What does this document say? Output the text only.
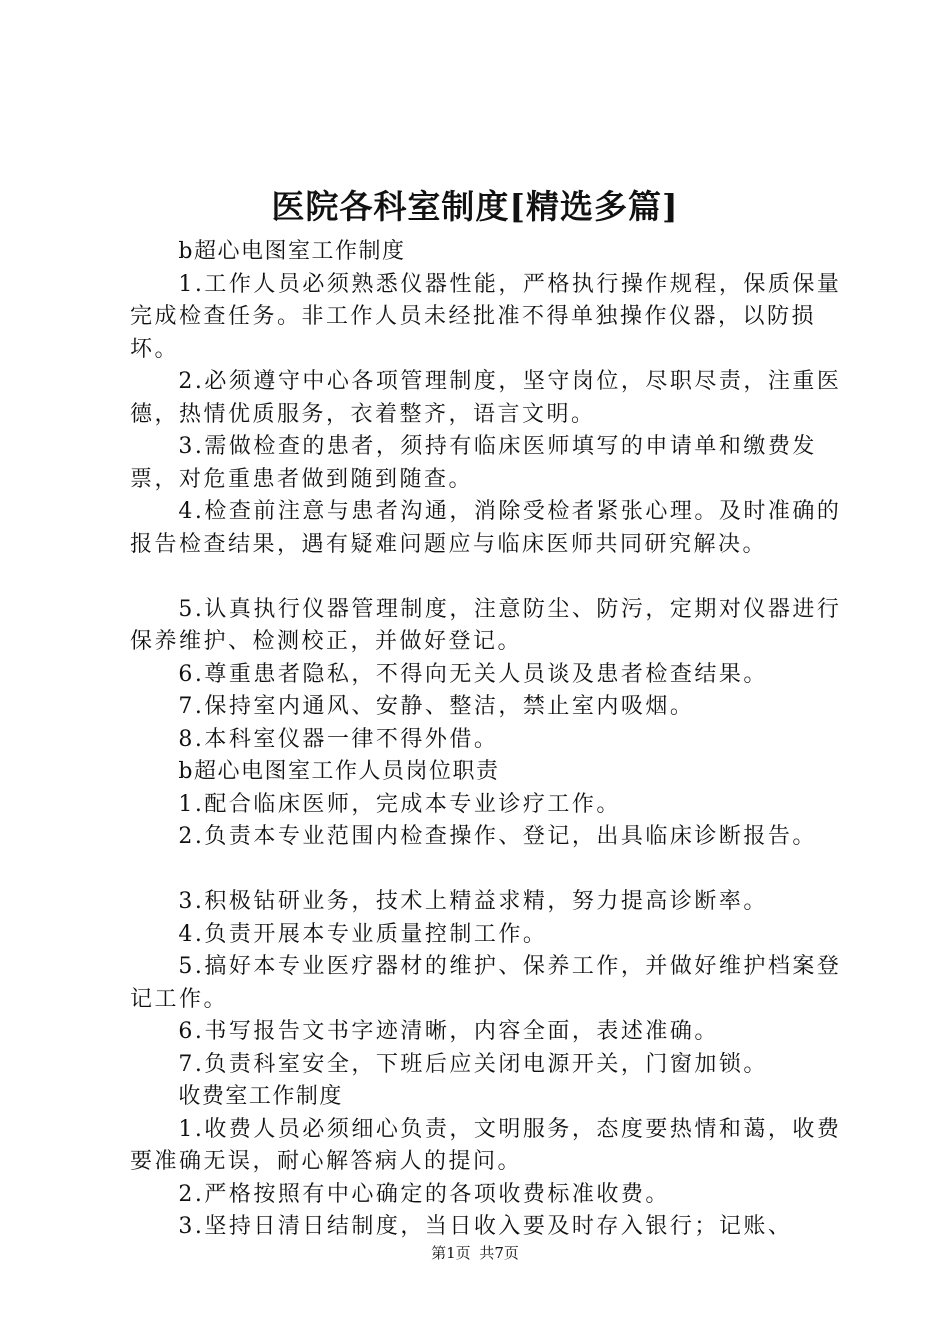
医院各科室制度[精选多篇]

b超心电图室工作制度

1.工作人员必须熟悉仪器性能，严格执行操作规程，保质保量完成检查任务。非工作人员未经批准不得单独操作仪器，以防损坏。

2.必须遵守中心各项管理制度，坚守岗位，尽职尽责，注重医德，热情优质服务，衣着整齐，语言文明。

3.需做检查的患者，须持有临床医师填写的申请单和缴费发票，对危重患者做到随到随查。

4.检查前注意与患者沟通，消除受检者紧张心理。及时准确的报告检查结果，遇有疑难问题应与临床医师共同研究解决。

5.认真执行仪器管理制度，注意防尘、防污，定期对仪器进行保养维护、检测校正，并做好登记。

6.尊重患者隐私，不得向无关人员谈及患者检查结果。

7.保持室内通风、安静、整洁，禁止室内吸烟。

8.本科室仪器一律不得外借。

b超心电图室工作人员岗位职责

1.配合临床医师，完成本专业诊疗工作。

2.负责本专业范围内检查操作、登记，出具临床诊断报告。

3.积极钻研业务，技术上精益求精，努力提高诊断率。

4.负责开展本专业质量控制工作。

5.搞好本专业医疗器材的维护、保养工作，并做好维护档案登记工作。

6.书写报告文书字迹清晰，内容全面，表述准确。

7.负责科室安全，下班后应关闭电源开关，门窗加锁。

收费室工作制度

1.收费人员必须细心负责，文明服务，态度要热情和蔼，收费要准确无误，耐心解答病人的提问。

2.严格按照有中心确定的各项收费标准收费。

3.坚持日清日结制度，当日收入要及时存入银行；记账、

第1页 共7页
